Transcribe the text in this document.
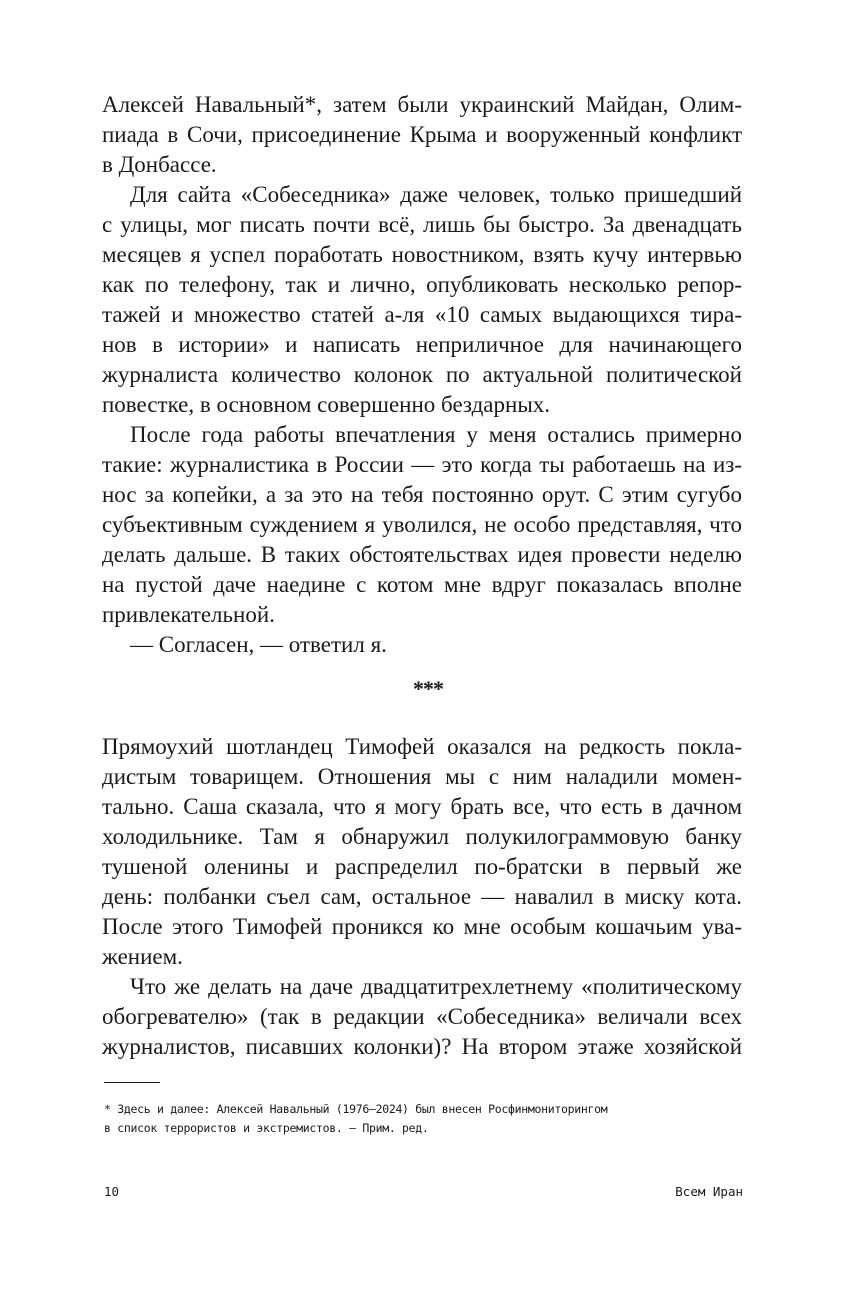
Алексей Навальный*, затем были украинский Майдан, Олим-
пиада в Сочи, присоединение Крыма и вооруженный конфликт
в Донбассе.
Для сайта «Собеседника» даже человек, только пришедший
с улицы, мог писать почти всё, лишь бы быстро. За двенадцать
месяцев я успел поработать новостником, взять кучу интервью
как по телефону, так и лично, опубликовать несколько репор-
тажей и множество статей а-ля «10 самых выдающихся тира-
нов в истории» и написать неприличное для начинающего
журналиста количество колонок по актуальной политической
повестке, в основном совершенно бездарных.
После года работы впечатления у меня остались примерно
такие: журналистика в России — это когда ты работаешь на из-
нос за копейки, а за это на тебя постоянно орут. С этим сугубо
субъективным суждением я уволился, не особо представляя, что
делать дальше. В таких обстоятельствах идея провести неделю
на пустой даче наедине с котом мне вдруг показалась вполне
привлекательной.
— Согласен, — ответил я.
***
Прямоухий шотландец Тимофей оказался на редкость покла-
дистым товарищем. Отношения мы с ним наладили момен-
тально. Саша сказала, что я могу брать все, что есть в дачном
холодильнике. Там я обнаружил полукилограммовую банку
тушеной оленины и распределил по-братски в первый же
день: полбанки съел сам, остальное — навалил в миску кота.
После этого Тимофей проникся ко мне особым кошачьим ува-
жением.
Что же делать на даче двадцатитрехлетнему «политическому
обогревателю» (так в редакции «Собеседника» величали всех
журналистов, писавших колонки)? На втором этаже хозяйской
* Здесь и далее: Алексей Навальный (1976–2024) был внесен Росфинмониторингом
в список террористов и экстремистов. – Прим. ред.
10	Всем Иран
